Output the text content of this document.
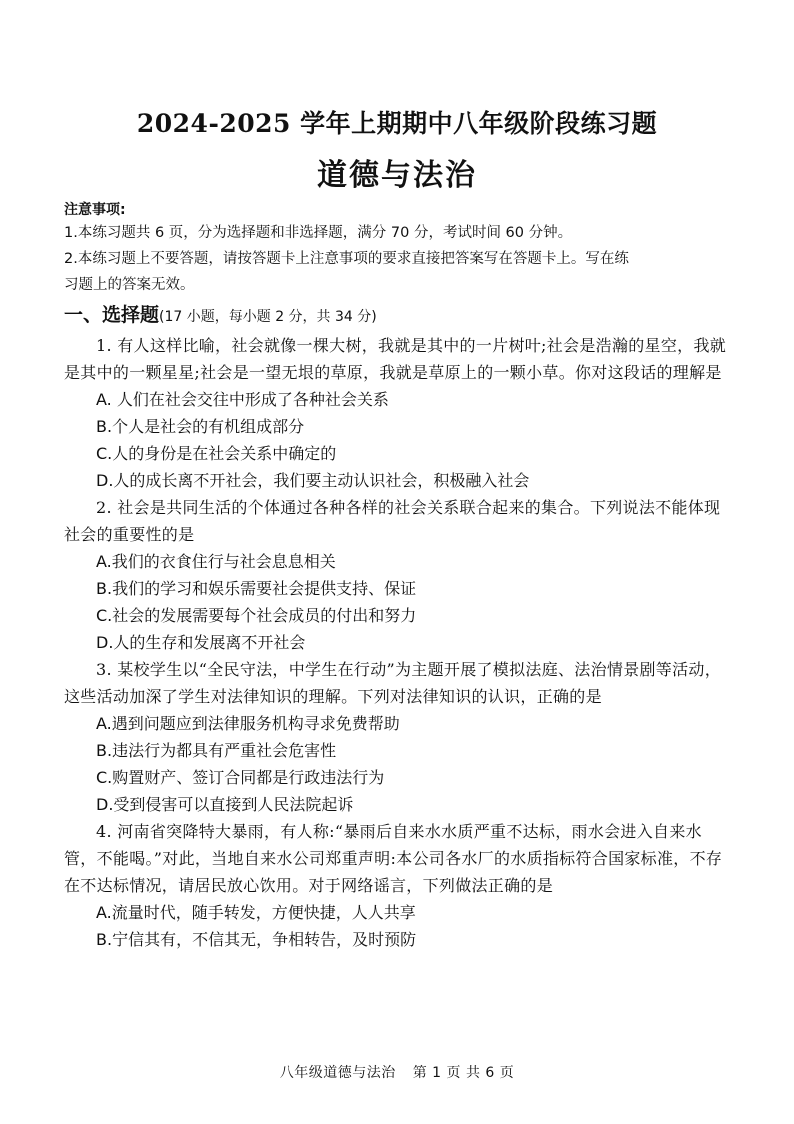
2024-2025 学年上期期中八年级阶段练习题
道德与法治
注意事项:
1.本练习题共 6 页，分为选择题和非选择题，满分 70 分，考试时间 60 分钟。
2.本练习题上不要答题，请按答题卡上注意事项的要求直接把答案写在答题卡上。写在练
习题上的答案无效。
一、选择题(17 小题，每小题 2 分，共 34 分)
1. 有人这样比喻，社会就像一棵大树，我就是其中的一片树叶;社会是浩瀚的星空，我就是其中的一颗星星;社会是一望无垠的草原，我就是草原上的一颗小草。你对这段话的理解是
A. 人们在社会交往中形成了各种社会关系
B.个人是社会的有机组成部分
C.人的身份是在社会关系中确定的
D.人的成长离不开社会，我们要主动认识社会，积极融入社会
2. 社会是共同生活的个体通过各种各样的社会关系联合起来的集合。下列说法不能体现社会的重要性的是
A.我们的衣食住行与社会息息相关
B.我们的学习和娱乐需要社会提供支持、保证
C.社会的发展需要每个社会成员的付出和努力
D.人的生存和发展离不开社会
3. 某校学生以“全民守法，中学生在行动”为主题开展了模拟法庭、法治情景剧等活动，这些活动加深了学生对法律知识的理解。下列对法律知识的认识，正确的是
A.遇到问题应到法律服务机构寻求免费帮助
B.违法行为都具有严重社会危害性
C.购置财产、签订合同都是行政违法行为
D.受到侵害可以直接到人民法院起诉
4. 河南省突降特大暴雨，有人称:“暴雨后自来水水质严重不达标，雨水会进入自来水管，不能喝。”对此，当地自来水公司郑重声明:本公司各水厂的水质指标符合国家标准，不存在不达标情况，请居民放心饮用。对于网络谣言，下列做法正确的是
A.流量时代，随手转发，方便快捷，人人共享
B.宁信其有，不信其无，争相转告，及时预防
八年级道德与法治 第 1 页 共 6 页
